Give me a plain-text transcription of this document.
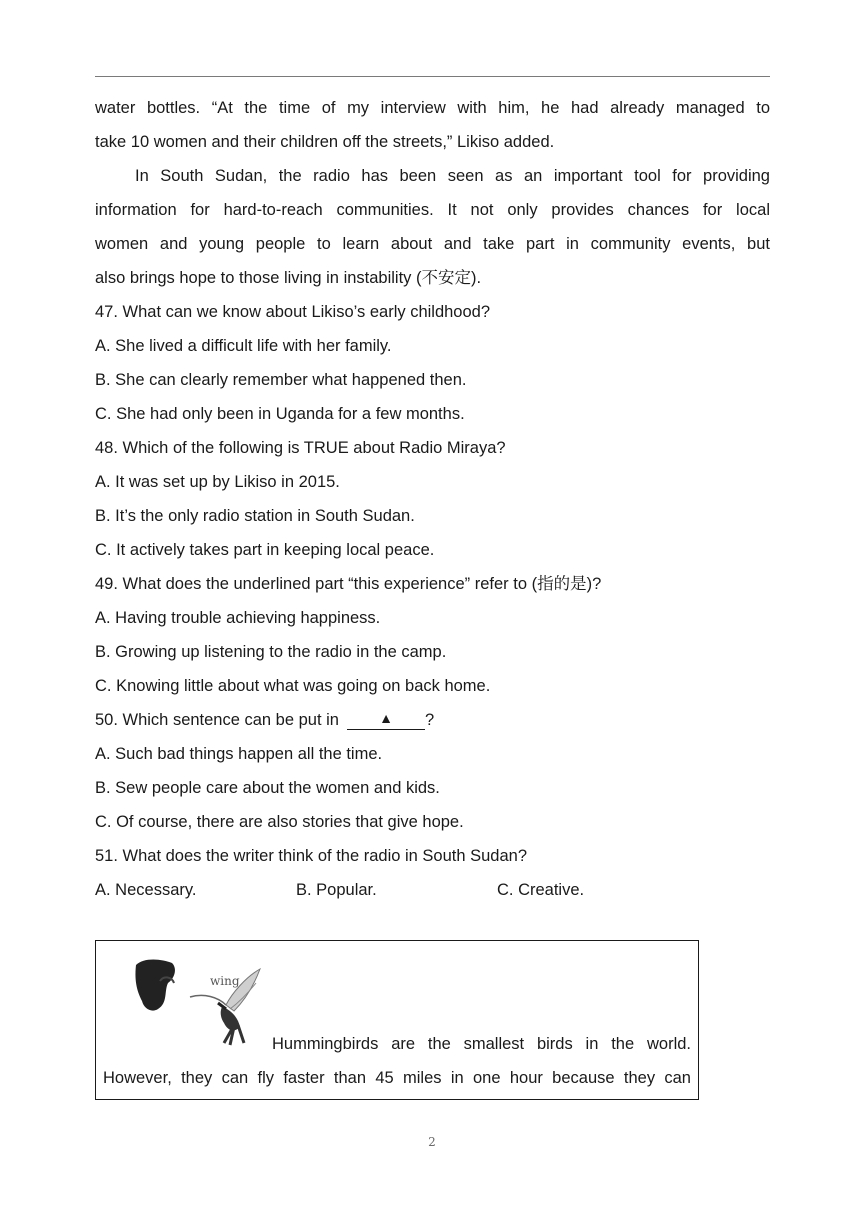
water bottles. “At the time of my interview with him, he had already managed to
take 10 women and their children off the streets,” Likiso added.
In South Sudan, the radio has been seen as an important tool for providing
information for hard-to-reach communities. It not only provides chances for local
women and young people to learn about and take part in community events, but
also brings hope to those living in instability (不安定).
47. What can we know about Likiso’s early childhood?
A. She lived a difficult life with her family.
B. She can clearly remember what happened then.
C. She had only been in Uganda for a few months.
48. Which of the following is TRUE about Radio Miraya?
A. It was set up by Likiso in 2015.
B. It’s the only radio station in South Sudan.
C. It actively takes part in keeping local peace.
49. What does the underlined part “this experience” refer to (指的是)?
A. Having trouble achieving happiness.
B. Growing up listening to the radio in the camp.
C. Knowing little about what was going on back home.
50. Which sentence can be put in	▲ ?
A. Such bad things happen all the time.
B. Sew people care about the women and kids.
C. Of course, there are also stories that give hope.
51. What does the writer think of the radio in South Sudan?
A. Necessary.	B. Popular.	C. Creative.
wing
Hummingbirds are the smallest birds in the world.
However, they can fly faster than 45 miles in one hour because they can
2
